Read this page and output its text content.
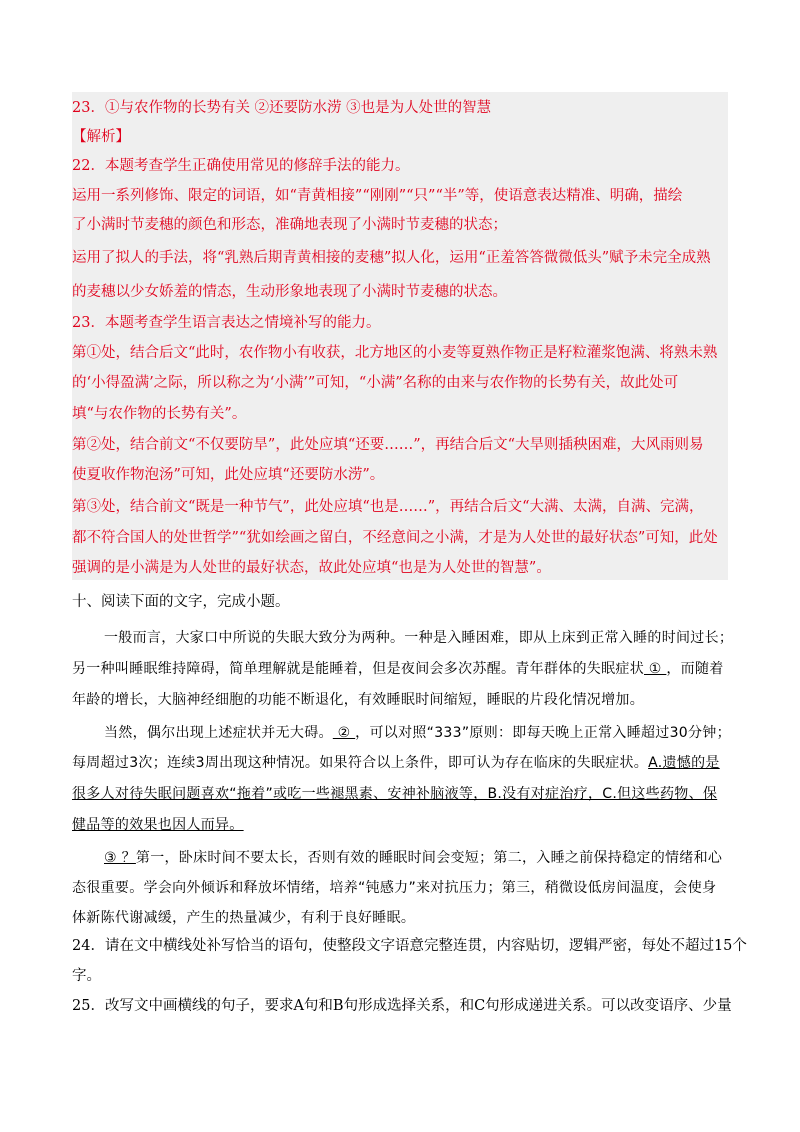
23．①与农作物的长势有关 ②还要防水涝 ③也是为人处世的智慧
【解析】
22．本题考查学生正确使用常见的修辞手法的能力。
运用一系列修饰、限定的词语，如“青黄相接”“刚刚”“只”“半”等，使语意表达精准、明确，描绘
了小满时节麦穗的颜色和形态，准确地表现了小满时节麦穗的状态；
运用了拟人的手法，将“乳熟后期青黄相接的麦穗”拟人化，运用“正羞答答微微低头”赋予未完全成熟
的麦穗以少女娇羞的情态，生动形象地表现了小满时节麦穗的状态。
23．本题考查学生语言表达之情境补写的能力。
第①处，结合后文“此时，农作物小有收获，北方地区的小麦等夏熟作物正是籽粒灌浆饱满、将熟未熟
的‘小得盈满’之际，所以称之为‘小满’”可知，“小满”名称的由来与农作物的长势有关，故此处可
填“与农作物的长势有关”。
第②处，结合前文“不仅要防旱”，此处应填“还要……”，再结合后文“大旱则插秧困难，大风雨则易
使夏收作物泡汤”可知，此处应填“还要防水涝”。
第③处，结合前文“既是一种节气”，此处应填“也是……”，再结合后文“大满、太满，自满、完满，
都不符合国人的处世哲学”“犹如绘画之留白，不经意间之小满，才是为人处世的最好状态”可知，此处
强调的是小满是为人处世的最好状态，故此处应填“也是为人处世的智慧”。
十、阅读下面的文字，完成小题。
一般而言，大家口中所说的失眠大致分为两种。一种是入睡困难，即从上床到正常入睡的时间过长；
另一种叫睡眠维持障碍，简单理解就是能睡着，但是夜间会多次苏醒。青年群体的失眠症状 ① ，而随着
年龄的增长，大脑神经细胞的功能不断退化，有效睡眠时间缩短，睡眠的片段化情况增加。
当然，偶尔出现上述症状并无大碍。 ② ，可以对照“333”原则：即每天晚上正常入睡超过30分钟；
每周超过3次；连续3周出现这种情况。如果符合以上条件，即可认为存在临床的失眠症状。A.遗憾的是
很多人对待失眠问题喜欢“拖着”或吃一些褪黑素、安神补脑液等，B.没有对症治疗，C.但这些药物、保
健品等的效果也因人而异。
③ ？第一，卧床时间不要太长，否则有效的睡眠时间会变短；第二，入睡之前保持稳定的情绪和心
态很重要。学会向外倾诉和释放坏情绪，培养“钝感力”来对抗压力；第三，稍微设低房间温度，会使身
体新陈代谢减缓，产生的热量减少，有利于良好睡眠。
24．请在文中横线处补写恰当的语句，使整段文字语意完整连贯，内容贴切，逻辑严密，每处不超过15个
字。
25．改写文中画横线的句子，要求A句和B句形成选择关系，和C句形成递进关系。可以改变语序、少量
